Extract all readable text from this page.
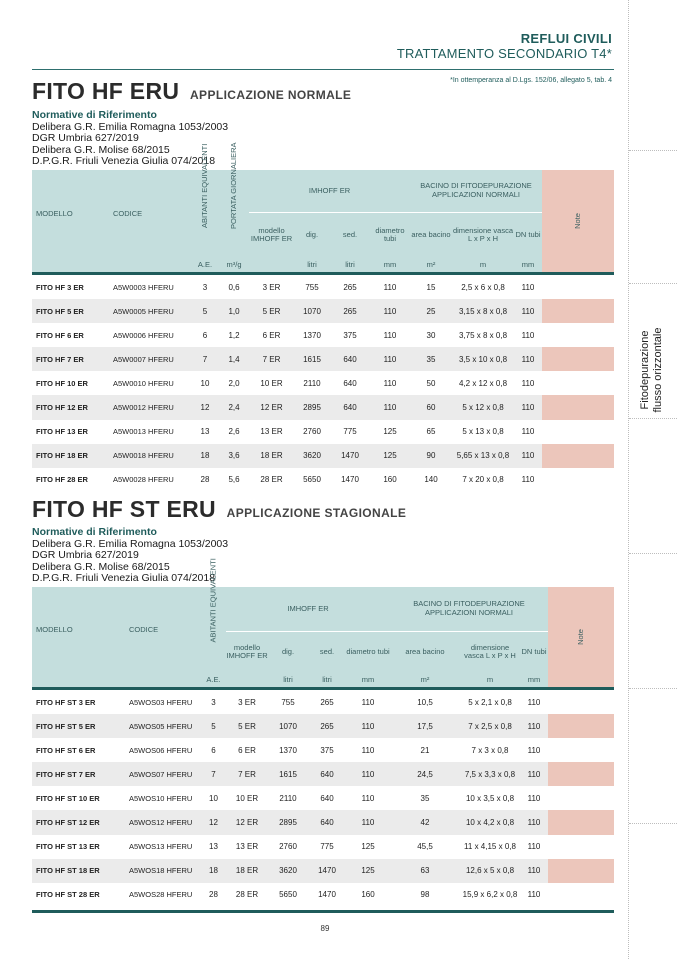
Fitodepurazione flusso orizzontale
REFLUI CIVILI
TRATTAMENTO SECONDARIO T4*
*In ottemperanza al D.Lgs. 152/06, allegato 5, tab. 4
FITO HF ERU APPLICAZIONE NORMALE
Normative di Riferimento
Delibera G.R. Emilia Romagna 1053/2003
DGR Umbria 627/2019
Delibera G.R. Molise 68/2015
D.P.G.R. Friuli Venezia Giulia 074/2018
MODELLO	CODICE	ABITANTI EQUIVALENTI	PORTATA GIORNALIERA	IMHOFF ER				BACINO DI FITODEPURAZIONE APPLICAZIONI NORMALI			Note

				modello IMHOFF ER	dig.	sed.	diametro tubi	area bacino	dimensione vasca L x P x H	DN tubi	
		A.E.	m³/g		litri	litri	mm	m²	m	mm	

FITO HF 3 ER	A5W0003 HFERU	3	0,6	3 ER	755	265	110	15	2,5 x 6 x 0,8	110	
FITO HF 5 ER	A5W0005 HFERU	5	1,0	5 ER	1070	265	110	25	3,15 x 8 x 0,8	110	
FITO HF 6 ER	A5W0006 HFERU	6	1,2	6 ER	1370	375	110	30	3,75 x 8 x 0,8	110	
FITO HF 7 ER	A5W0007 HFERU	7	1,4	7 ER	1615	640	110	35	3,5 x 10 x 0,8	110	
FITO HF 10 ER	A5W0010 HFERU	10	2,0	10 ER	2110	640	110	50	4,2 x 12 x 0,8	110	
FITO HF 12 ER	A5W0012 HFERU	12	2,4	12 ER	2895	640	110	60	5 x 12 x 0,8	110	
FITO HF 13 ER	A5W0013 HFERU	13	2,6	13 ER	2760	775	125	65	5 x 13 x 0,8	110	
FITO HF 18 ER	A5W0018 HFERU	18	3,6	18 ER	3620	1470	125	90	5,65 x 13 x 0,8	110	
FITO HF 28 ER	A5W0028 HFERU	28	5,6	28 ER	5650	1470	160	140	7 x 20 x 0,8	110	
FITO HF ST ERU APPLICAZIONE STAGIONALE
Normative di Riferimento
Delibera G.R. Emilia Romagna 1053/2003
DGR Umbria 627/2019
Delibera G.R. Molise 68/2015
D.P.G.R. Friuli Venezia Giulia 074/2018
MODELLO	CODICE	ABITANTI EQUIVALENTI	IMHOFF ER				BACINO DI FITODEPURAZIONE APPLICAZIONI NORMALI			Note

			modello IMHOFF ER	dig.	sed.	diametro tubi	area bacino	dimensione vasca L x P x H	DN tubi	
		A.E.		litri	litri	mm	m²	m	mm	

FITO HF ST 3 ER	A5WOS03 HFERU	3	3 ER	755	265	110	10,5	5 x 2,1 x 0,8	110	
FITO HF ST 5 ER	A5WOS05 HFERU	5	5 ER	1070	265	110	17,5	7 x 2,5 x 0,8	110	
FITO HF ST 6 ER	A5WOS06 HFERU	6	6 ER	1370	375	110	21	7 x 3 x 0,8	110	
FITO HF ST 7 ER	A5WOS07 HFERU	7	7 ER	1615	640	110	24,5	7,5 x 3,3 x 0,8	110	
FITO HF ST 10 ER	A5WOS10 HFERU	10	10 ER	2110	640	110	35	10 x 3,5 x 0,8	110	
FITO HF ST 12 ER	A5WOS12 HFERU	12	12 ER	2895	640	110	42	10 x 4,2 x 0,8	110	
FITO HF ST 13 ER	A5WOS13 HFERU	13	13 ER	2760	775	125	45,5	11 x 4,15 x 0,8	110	
FITO HF ST 18 ER	A5WOS18 HFERU	18	18 ER	3620	1470	125	63	12,6 x 5 x 0,8	110	
FITO HF ST 28 ER	A5WOS28 HFERU	28	28 ER	5650	1470	160	98	15,9 x 6,2 x 0,8	110	
89
